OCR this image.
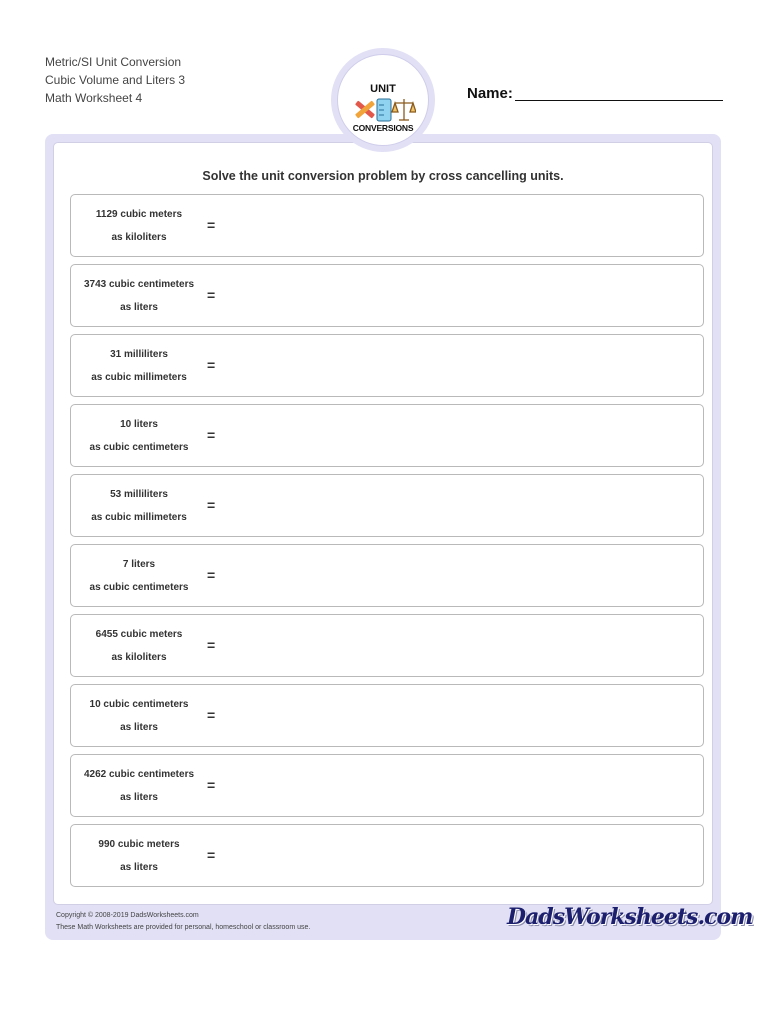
Metric/SI Unit Conversion
Cubic Volume and Liters 3
Math Worksheet 4
UNIT
CONVERSIONS
Name:
Solve the unit conversion problem by cross cancelling units.
1129 cubic meters
as kiloliters
=
3743 cubic centimeters
as liters
=
31 milliliters
as cubic millimeters
=
10 liters
as cubic centimeters
=
53 milliliters
as cubic millimeters
=
7 liters
as cubic centimeters
=
6455 cubic meters
as kiloliters
=
10 cubic centimeters
as liters
=
4262 cubic centimeters
as liters
=
990 cubic meters
as liters
=
Copyright © 2008-2019 DadsWorksheets.com
These Math Worksheets are provided for personal, homeschool or classroom use.	DadsWorksheets.com
